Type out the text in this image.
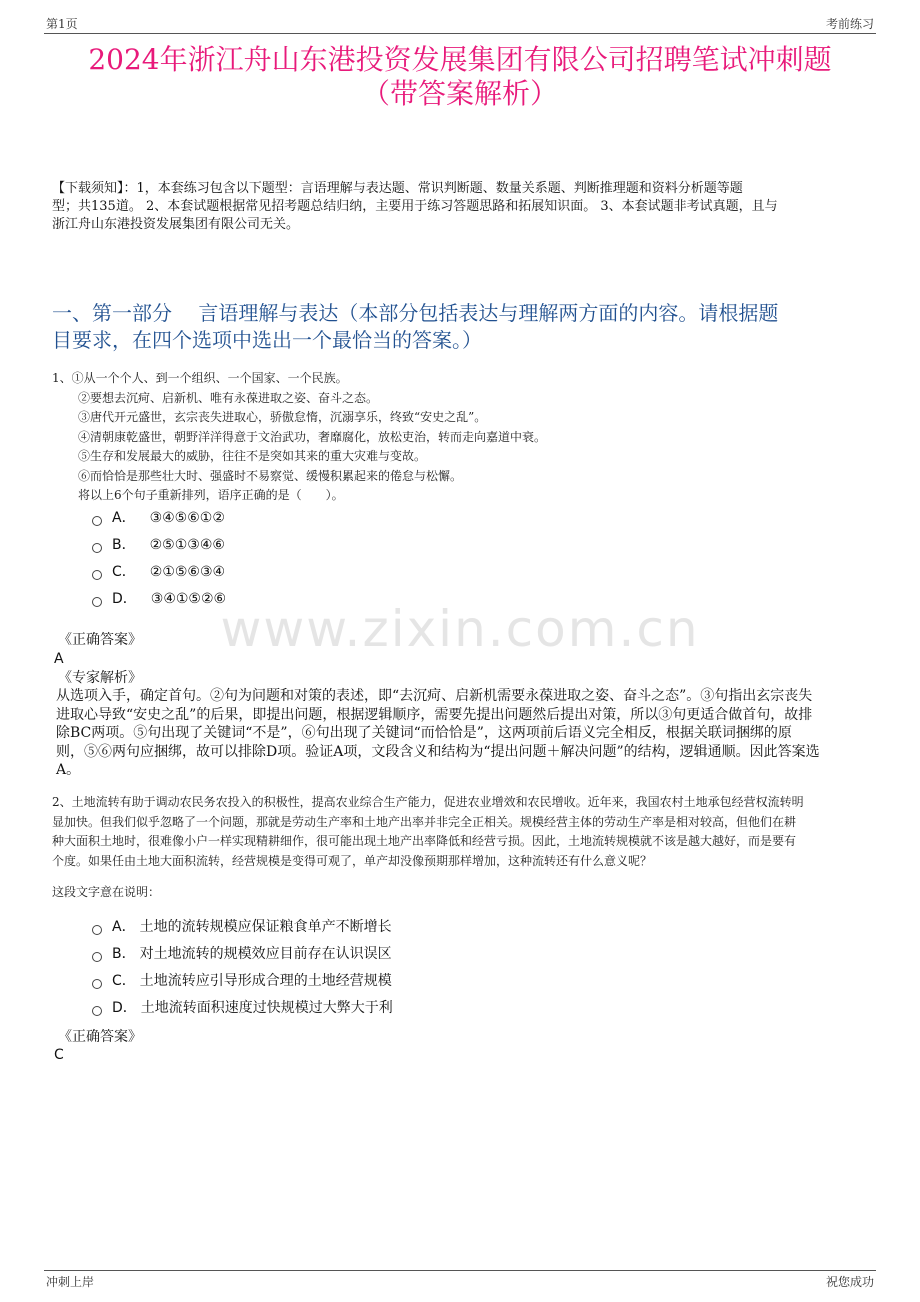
第1页	考前练习
2024年浙江舟山东港投资发展集团有限公司招聘笔试冲刺题
（带答案解析）
【下载须知】：1，本套练习包含以下题型：言语理解与表达题、常识判断题、数量关系题、判断推理题和资料分析题等题
型；共135道。 2、本套试题根据常见招考题总结归纳，主要用于练习答题思路和拓展知识面。 3、本套试题非考试真题，且与
浙江舟山东港投资发展集团有限公司无关。
一、第一部分　 言语理解与表达（本部分包括表达与理解两方面的内容。请根据题
目要求，在四个选项中选出一个最恰当的答案。）
www.zixin.com.cn
1、①从一个个人、到一个组织、一个国家、一个民族。
②要想去沉疴、启新机、唯有永葆进取之姿、奋斗之态。
③唐代开元盛世，玄宗丧失进取心，骄傲怠惰，沉溺享乐，终致“安史之乱”。
④清朝康乾盛世，朝野洋洋得意于文治武功，奢靡腐化，放松吏治，转而走向嘉道中衰。
⑤生存和发展最大的威胁，往往不是突如其来的重大灾难与变故。
⑥而恰恰是那些壮大时、强盛时不易察觉、缓慢积累起来的倦怠与松懈。
将以上6个句子重新排列，语序正确的是（　　）。
A． ③④⑤⑥①②
B． ②⑤①③④⑥
C． ②①⑤⑥③④
D． ③④①⑤②⑥
《正确答案》
A
《专家解析》
从选项入手，确定首句。②句为问题和对策的表述，即“去沉疴、启新机需要永葆进取之姿、奋斗之态”。③句指出玄宗丧失
进取心导致“安史之乱”的后果，即提出问题，根据逻辑顺序，需要先提出问题然后提出对策，所以③句更适合做首句，故排
除BC两项。⑤句出现了关键词“不是”，⑥句出现了关键词“而恰恰是”，这两项前后语义完全相反，根据关联词捆绑的原
则，⑤⑥两句应捆绑，故可以排除D项。验证A项，文段含义和结构为“提出问题＋解决问题”的结构，逻辑通顺。因此答案选
A。
2、土地流转有助于调动农民务农投入的积极性，提高农业综合生产能力，促进农业增效和农民增收。近年来，我国农村土地承包经营权流转明
显加快。但我们似乎忽略了一个问题，那就是劳动生产率和土地产出率并非完全正相关。规模经营主体的劳动生产率是相对较高，但他们在耕
种大面积土地时，很难像小户一样实现精耕细作，很可能出现土地产出率降低和经营亏损。因此，土地流转规模就不该是越大越好，而是要有
个度。如果任由土地大面积流转，经营规模是变得可观了，单产却没像预期那样增加，这种流转还有什么意义呢？
这段文字意在说明：
A． 土地的流转规模应保证粮食单产不断增长
B． 对土地流转的规模效应目前存在认识误区
C． 土地流转应引导形成合理的土地经营规模
D． 土地流转面积速度过快规模过大弊大于利
《正确答案》
C
冲刺上岸	祝您成功
